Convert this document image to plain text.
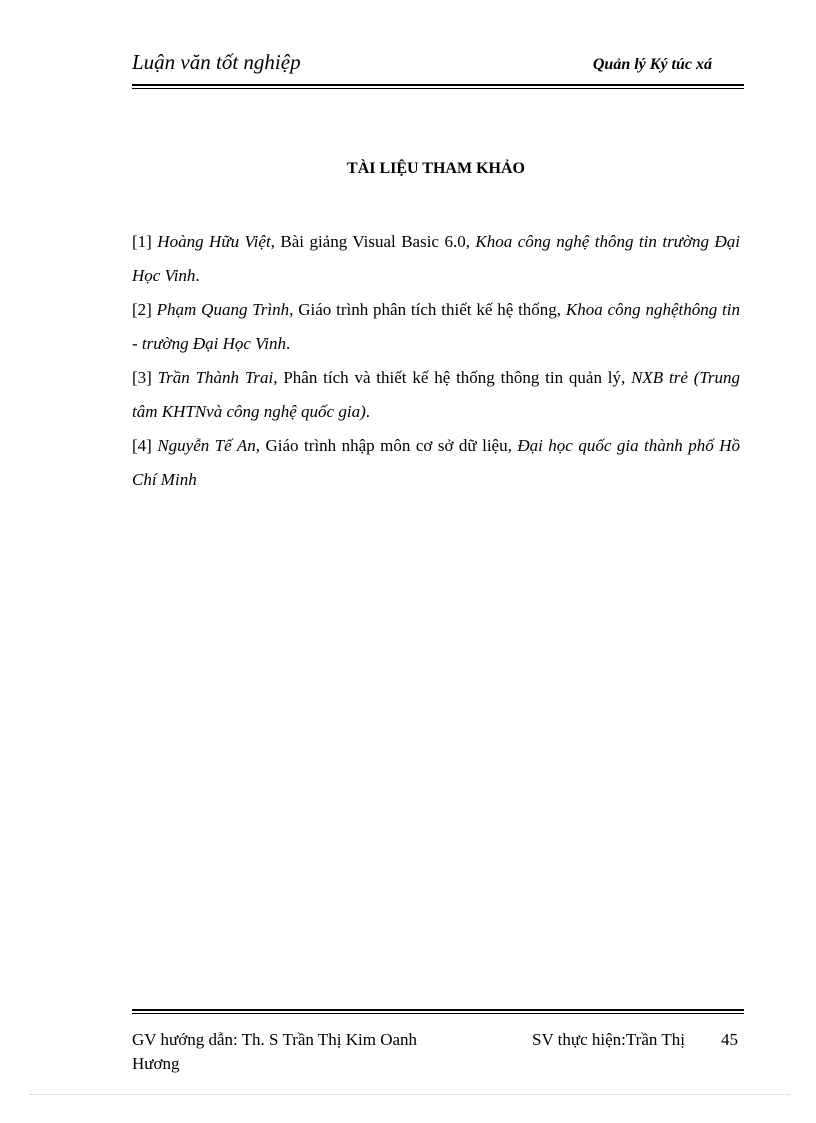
Luận văn tốt nghiệp	Quản lý Ký túc xá
TÀI LIỆU THAM KHẢO

[1] Hoàng Hữu Việt, Bài giảng Visual Basic 6.0, Khoa công nghệ thông tin trường Đại Học Vinh.

[2] Phạm Quang Trình, Giáo trình phân tích thiết kế hệ thống, Khoa công nghệthông tin - trường Đại Học Vinh.

[3] Trần Thành Trai, Phân tích và thiết kế hệ thống thông tin quản lý, NXB trẻ (Trung tâm KHTNvà công nghệ quốc gia).

[4] Nguyễn Tế An, Giáo trình nhập môn cơ sở dữ liệu, Đại học quốc gia thành phố Hồ Chí Minh

GV hướng dẫn: Th. S Trần Thị Kim Oanh
Hương
SV thực hiện:Trần Thị 45
